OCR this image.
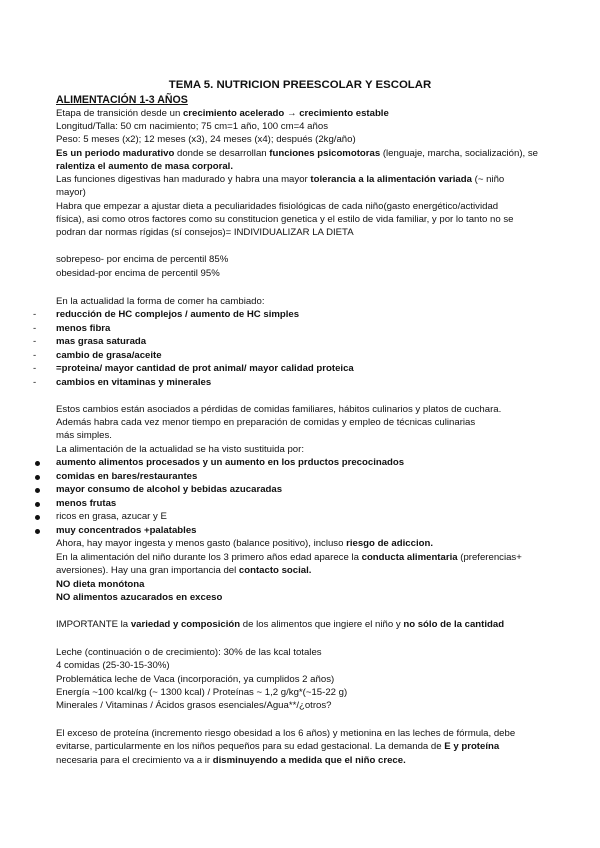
TEMA 5. NUTRICION PREESCOLAR Y ESCOLAR
ALIMENTACIÓN 1-3 AÑOS
Etapa de transición desde un crecimiento acelerado → crecimiento estable
Longitud/Talla: 50 cm nacimiento; 75 cm=1 año, 100 cm=4 años
Peso: 5 meses (x2); 12 meses (x3), 24 meses (x4); después (2kg/año)
Es un periodo madurativo donde se desarrollan funciones psicomotoras (lenguaje, marcha, socialización), se
ralentiza el aumento de masa corporal.
Las funciones digestivas han madurado y habra una mayor tolerancia a la alimentación variada (~ niño
mayor)
Habra que empezar a ajustar dieta a peculiaridades fisiológicas de cada niño(gasto energético/actividad
física), asi como otros factores como su constitucion genetica y el estilo de vida familiar, y por lo tanto no se
podran dar normas rígidas (sí consejos)= INDIVIDUALIZAR LA DIETA
sobrepeso- por encima de percentil 85%
obesidad-por encima de percentil 95%
En la actualidad la forma de comer ha cambiado:
- reducción de HC complejos / aumento de HC simples
- menos fibra
- mas grasa saturada
- cambio de grasa/aceite
- =proteina/ mayor cantidad de prot animal/ mayor calidad proteica
- cambios en vitaminas y minerales
Estos cambios están asociados a pérdidas de comidas familiares, hábitos culinarios y platos de cuchara.
Además habra cada vez menor tiempo en preparación de comidas y empleo de técnicas culinarias
más simples.
La alimentación de la actualidad se ha visto sustituida por:
aumento alimentos procesados y un aumento en los prductos precocinados
comidas en bares/restaurantes
mayor consumo de alcohol y bebidas azucaradas
menos frutas
ricos en grasa, azucar y E
muy concentrados +palatables
Ahora, hay mayor ingesta y menos gasto (balance positivo), incluso riesgo de adiccion.
En la alimentación del niño durante los 3 primero años edad aparece la conducta alimentaria (preferencias+
aversiones). Hay una gran importancia del contacto social.
NO dieta monótona
NO alimentos azucarados en exceso
IMPORTANTE la variedad y composición de los alimentos que ingiere el niño y no sólo de la cantidad
Leche (continuación o de crecimiento): 30% de las kcal totales
4 comidas (25-30-15-30%)
Problemática leche de Vaca (incorporación, ya cumplidos 2 años)
Energía ~100 kcal/kg (~ 1300 kcal) / Proteínas ~ 1,2 g/kg*(~15-22 g)
Minerales / Vitaminas / Ácidos grasos esenciales/Agua**/¿otros?
El exceso de proteína (incremento riesgo obesidad a los 6 años) y metionina en las leches de fórmula, debe
evitarse, particularmente en los niños pequeños para su edad gestacional. La demanda de E y proteína
necesaria para el crecimiento va a ir disminuyendo a medida que el niño crece.
